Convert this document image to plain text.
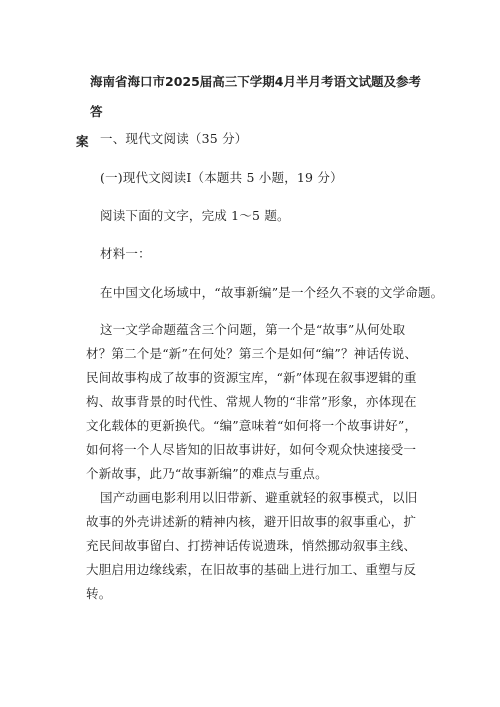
海南省海口市2025届高三下学期4月半月考语文试题及参考答
案 一、现代文阅读（35 分）
(一)现代文阅读Ⅰ（本题共 5 小题，19 分）
阅读下面的文字，完成 1～5 题。
材料一：
在中国文化场域中，“故事新编”是一个经久不衰的文学命题。
这一文学命题蕴含三个问题，第一个是“故事”从何处取材？第二个是“新”在何处？第三个是如何“编”？神话传说、民间故事构成了故事的资源宝库，“新”体现在叙事逻辑的重构、故事背景的时代性、常规人物的“非常”形象，亦体现在文化载体的更新换代。“编”意味着“如何将一个故事讲好”，如何将一个人尽皆知的旧故事讲好，如何令观众快速接受一个新故事，此乃“故事新编”的难点与重点。
国产动画电影利用以旧带新、避重就轻的叙事模式，以旧故事的外壳讲述新的精神内核，避开旧故事的叙事重心，扩充民间故事留白、打捞神话传说遗珠，悄然挪动叙事主线、大胆启用边缘线索，在旧故事的基础上进行加工、重塑与反转。
